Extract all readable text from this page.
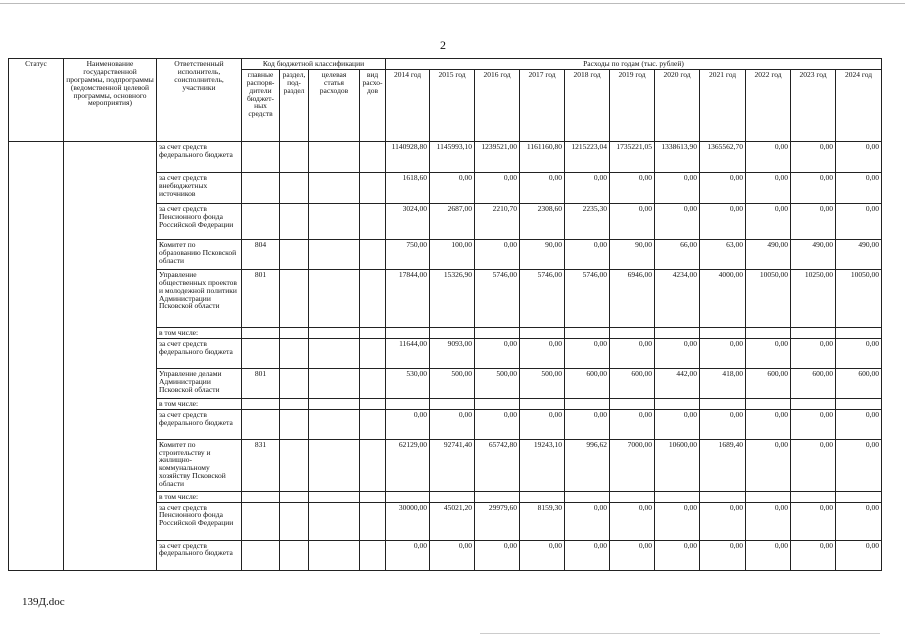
2
Статус	Наименование государственной программы, подпрограммы (ведомственной целевой программы, основного мероприятия)	Ответственный исполнитель, соисполнитель, участники	Код бюджетной классификации				Расходы по годам (тыс. рублей)										
			главные распоря-дители бюджет-ных средств	раздел, под-раздел	целевая статья расходов	вид расхо-дов	2014 год	2015 год	2016 год	2017 год	2018 год	2019 год	2020 год	2021 год	2022 год	2023 год	2024 год
		за счет средств федерального бюджета					1140928,80	1145993,10	1239521,00	1161160,80	1215223,04	1735221,05	1338613,90	1365562,70	0,00	0,00	0,00
		за счет средств внебюджетных источников					1618,60	0,00	0,00	0,00	0,00	0,00	0,00	0,00	0,00	0,00	0,00
		за счет средств Пенсионного фонда Российской Федерации					3024,00	2687,00	2210,70	2308,60	2235,30	0,00	0,00	0,00	0,00	0,00	0,00
		Комитет по образованию Псковской области	804				750,00	100,00	0,00	90,00	0,00	90,00	66,00	63,00	490,00	490,00	490,00
		Управление общественных проектов и молодежной политики Администрации Псковской области	801				17844,00	15326,90	5746,00	5746,00	5746,00	6946,00	4234,00	4000,00	10050,00	10250,00	10050,00
		в том числе:															
		за счет средств федерального бюджета					11644,00	9093,00	0,00	0,00	0,00	0,00	0,00	0,00	0,00	0,00	0,00
		Управление делами Администрации Псковской области	801				530,00	500,00	500,00	500,00	600,00	600,00	442,00	418,00	600,00	600,00	600,00
		в том числе:															
		за счет средств федерального бюджета					0,00	0,00	0,00	0,00	0,00	0,00	0,00	0,00	0,00	0,00	0,00
		Комитет по строительству и жилищно-коммунальному хозяйству Псковской области	831				62129,00	92741,40	65742,80	19243,10	996,62	7000,00	10600,00	1689,40	0,00	0,00	0,00
		в том числе:															
		за счет средств Пенсионного фонда Российской Федерации					30000,00	45021,20	29979,60	8159,30	0,00	0,00	0,00	0,00	0,00	0,00	0,00
		за счет средств федерального бюджета					0,00	0,00	0,00	0,00	0,00	0,00	0,00	0,00	0,00	0,00	0,00
139Д.doc
